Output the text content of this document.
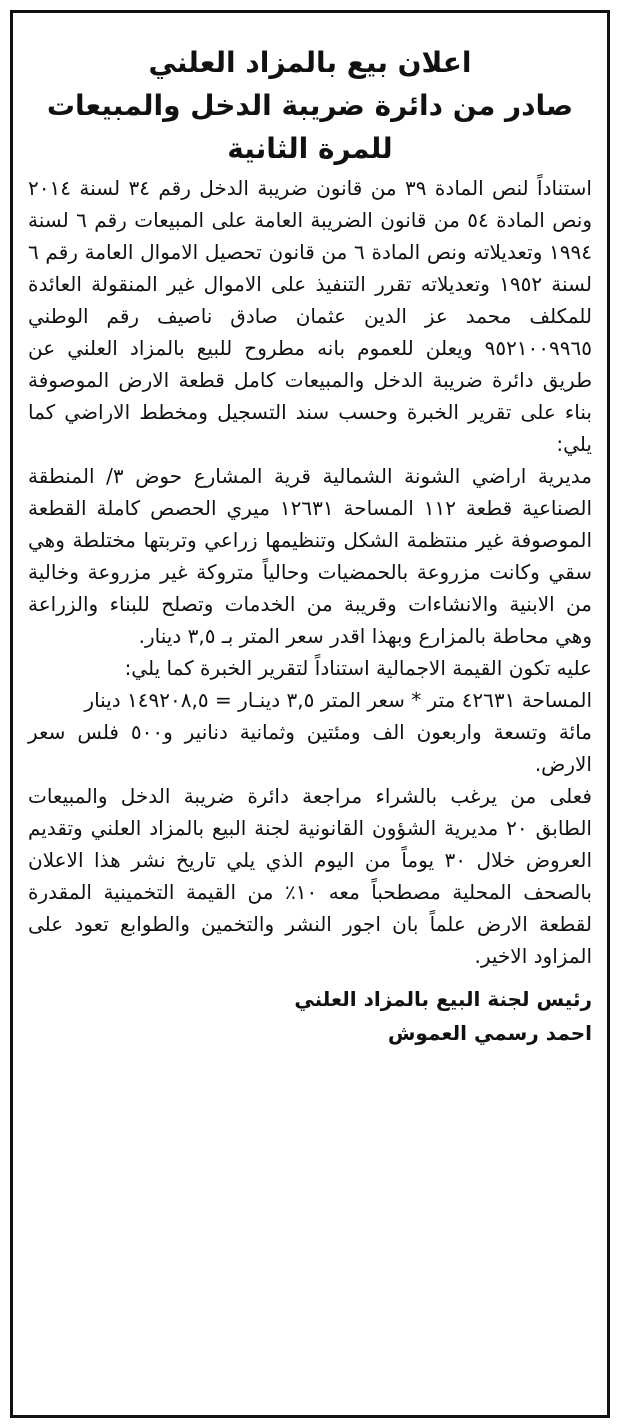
اعلان بيع بالمزاد العلني
صادر من دائرة ضريبة الدخل والمبيعات
للمرة الثانية

استناداً لنص المادة ٣٩ من قانون ضريبة الدخل رقم ٣٤ لسنة ٢٠١٤ ونص المادة ٥٤ من قانون الضريبة العامة على المبيعات رقم ٦ لسنة ١٩٩٤ وتعديلاته ونص المادة ٦ من قانون تحصيل الاموال العامة رقم ٦ لسنة ١٩٥٢ وتعديلاته تقرر التنفيذ على الاموال غير المنقولة العائدة للمكلف محمد عز الدين عثمان صادق ناصيف رقم الوطني ٩٥٢١٠٠٩٩٦٥ ويعلن للعموم بانه مطروح للبيع بالمزاد العلني عن طريق دائرة ضريبة الدخل والمبيعات كامل قطعة الارض الموصوفة بناء على تقرير الخبرة وحسب سند التسجيل ومخطط الاراضي كما يلي:

مديرية اراضي الشونة الشمالية قرية المشارع حوض ٣/ المنطقة الصناعية قطعة ١١٢ المساحة ١٢٦٣١ ميري الحصص كاملة القطعة الموصوفة غير منتظمة الشكل وتنظيمها زراعي وتربتها مختلطة وهي سقي وكانت مزروعة بالحمضيات وحالياً متروكة غير مزروعة وخالية من الابنية والانشاءات وقريبة من الخدمات وتصلح للبناء والزراعة وهي محاطة بالمزارع وبهذا اقدر سعر المتر بـ ٣,٥ دينار.

عليه تكون القيمة الاجمالية استناداً لتقرير الخبرة كما يلي:

المساحة ٤٢٦٣١ متر * سعر المتر ٣,٥ دينـار = ١٤٩٢٠٨,٥ دينار

مائة وتسعة واربعون الف ومئتين وثمانية دنانير و٥٠٠ فلس سعر الارض.

فعلى من يرغب بالشراء مراجعة دائرة ضريبة الدخل والمبيعات الطابق ٢٠ مديرية الشؤون القانونية لجنة البيع بالمزاد العلني وتقديم العروض خلال ٣٠ يوماً من اليوم الذي يلي تاريخ نشر هذا الاعلان بالصحف المحلية مصطحباً معه ١٠٪ من القيمة التخمينية المقدرة لقطعة الارض علماً بان اجور النشر والتخمين والطوابع تعود على المزاود الاخير.

رئيس لجنة البيع بالمزاد العلني
احمد رسمي العموش
